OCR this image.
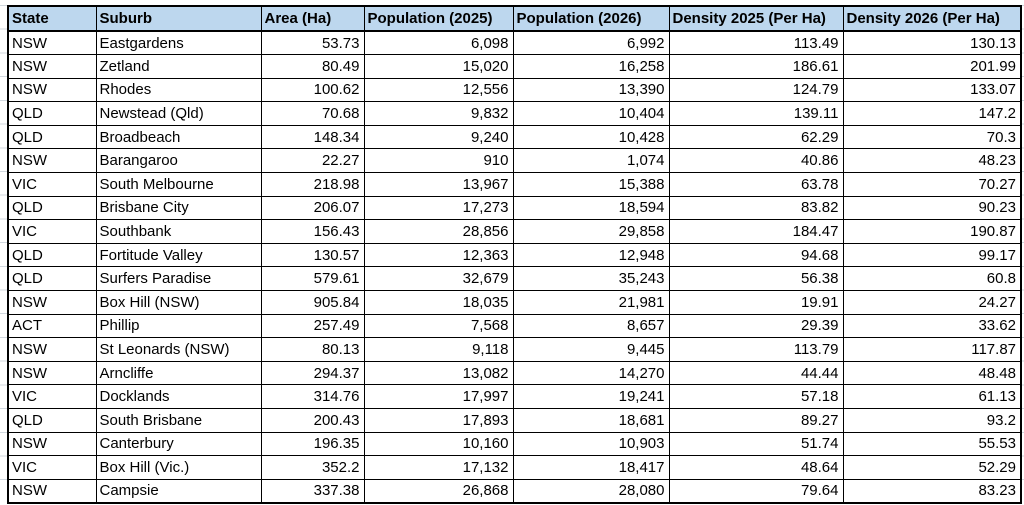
State	Suburb	Area (Ha)	Population (2025)	Population (2026)	Density 2025 (Per Ha)	Density 2026 (Per Ha)
NSW	Eastgardens	53.73	6,098	6,992	113.49	130.13
NSW	Zetland	80.49	15,020	16,258	186.61	201.99
NSW	Rhodes	100.62	12,556	13,390	124.79	133.07
QLD	Newstead (Qld)	70.68	9,832	10,404	139.11	147.2
QLD	Broadbeach	148.34	9,240	10,428	62.29	70.3
NSW	Barangaroo	22.27	910	1,074	40.86	48.23
VIC	South Melbourne	218.98	13,967	15,388	63.78	70.27
QLD	Brisbane City	206.07	17,273	18,594	83.82	90.23
VIC	Southbank	156.43	28,856	29,858	184.47	190.87
QLD	Fortitude Valley	130.57	12,363	12,948	94.68	99.17
QLD	Surfers Paradise	579.61	32,679	35,243	56.38	60.8
NSW	Box Hill (NSW)	905.84	18,035	21,981	19.91	24.27
ACT	Phillip	257.49	7,568	8,657	29.39	33.62
NSW	St Leonards (NSW)	80.13	9,118	9,445	113.79	117.87
NSW	Arncliffe	294.37	13,082	14,270	44.44	48.48
VIC	Docklands	314.76	17,997	19,241	57.18	61.13
QLD	South Brisbane	200.43	17,893	18,681	89.27	93.2
NSW	Canterbury	196.35	10,160	10,903	51.74	55.53
VIC	Box Hill (Vic.)	352.2	17,132	18,417	48.64	52.29
NSW	Campsie	337.38	26,868	28,080	79.64	83.23
